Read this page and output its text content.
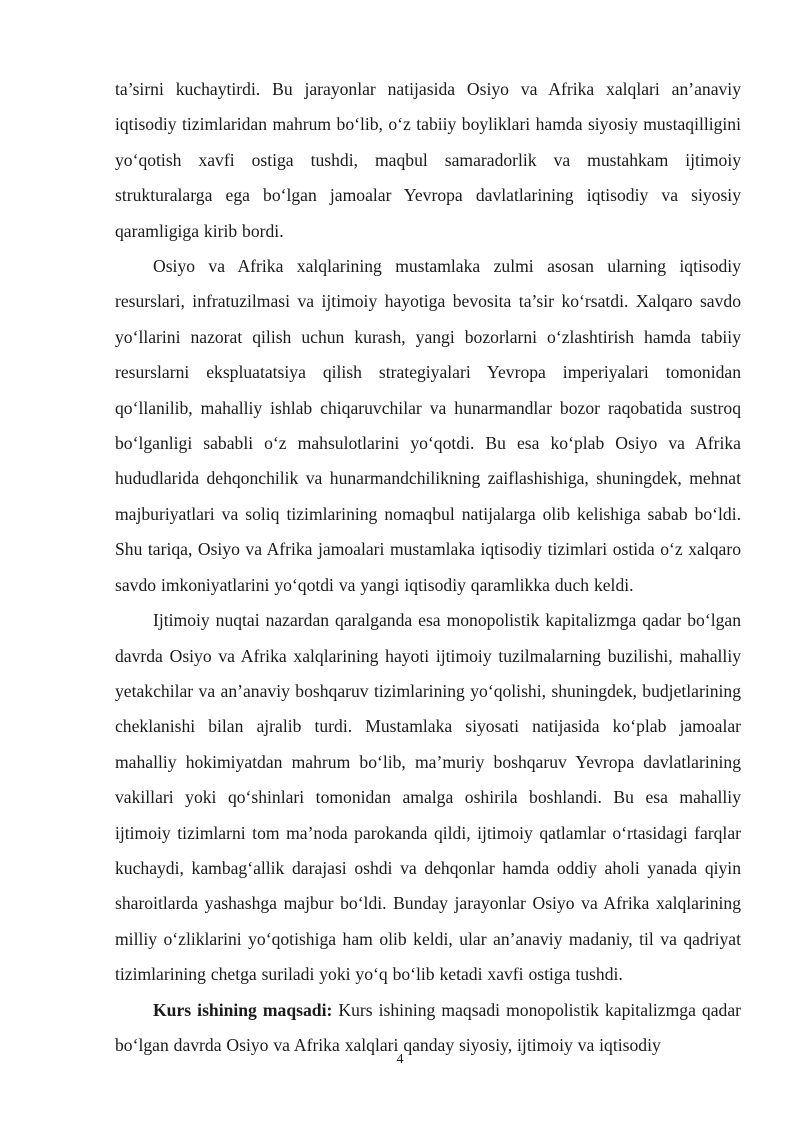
ta’sirni kuchaytirdi. Bu jarayonlar natijasida Osiyo va Afrika xalqlari an’anaviy iqtisodiy tizimlaridan mahrum bo‘lib, o‘z tabiiy boyliklari hamda siyosiy mustaqilligini yo‘qotish xavfi ostiga tushdi, maqbul samaradorlik va mustahkam ijtimoiy strukturalarga ega bo‘lgan jamoalar Yevropa davlatlarining iqtisodiy va siyosiy qaramligiga kirib bordi.

Osiyo va Afrika xalqlarining mustamlaka zulmi asosan ularning iqtisodiy resurslari, infratuzilmasi va ijtimoiy hayotiga bevosita ta’sir ko‘rsatdi. Xalqaro savdo yo‘llarini nazorat qilish uchun kurash, yangi bozorlarni o‘zlashtirish hamda tabiiy resurslarni ekspluatatsiya qilish strategiyalari Yevropa imperiyalari tomonidan qo‘llanilib, mahalliy ishlab chiqaruvchilar va hunarmandlar bozor raqobatida sustroq bo‘lganligi sababli o‘z mahsulotlarini yo‘qotdi. Bu esa ko‘plab Osiyo va Afrika hududlarida dehqonchilik va hunarmandchilikning zaiflashishiga, shuningdek, mehnat majburiyatlari va soliq tizimlarining nomaqbul natijalarga olib kelishiga sabab bo‘ldi. Shu tariqa, Osiyo va Afrika jamoalari mustamlaka iqtisodiy tizimlari ostida o‘z xalqaro savdo imkoniyatlarini yo‘qotdi va yangi iqtisodiy qaramlikka duch keldi.

Ijtimoiy nuqtai nazardan qaralganda esa monopolistik kapitalizmga qadar bo‘lgan davrda Osiyo va Afrika xalqlarining hayoti ijtimoiy tuzilmalarning buzilishi, mahalliy yetakchilar va an’anaviy boshqaruv tizimlarining yo‘qolishi, shuningdek, budjetlarining cheklanishi bilan ajralib turdi. Mustamlaka siyosati natijasida ko‘plab jamoalar mahalliy hokimiyatdan mahrum bo‘lib, ma’muriy boshqaruv Yevropa davlatlarining vakillari yoki qo‘shinlari tomonidan amalga oshirila boshlandi. Bu esa mahalliy ijtimoiy tizimlarni tom ma’noda parokanda qildi, ijtimoiy qatlamlar o‘rtasidagi farqlar kuchaydi, kambag‘allik darajasi oshdi va dehqonlar hamda oddiy aholi yanada qiyin sharoitlarda yashashga majbur bo‘ldi. Bunday jarayonlar Osiyo va Afrika xalqlarining milliy o‘zliklarini yo‘qotishiga ham olib keldi, ular an’anaviy madaniy, til va qadriyat tizimlarining chetga suriladi yoki yo‘q bo‘lib ketadi xavfi ostiga tushdi.

Kurs ishining maqsadi: Kurs ishining maqsadi monopolistik kapitalizmga qadar bo‘lgan davrda Osiyo va Afrika xalqlari qanday siyosiy, ijtimoiy va iqtisodiy

4
